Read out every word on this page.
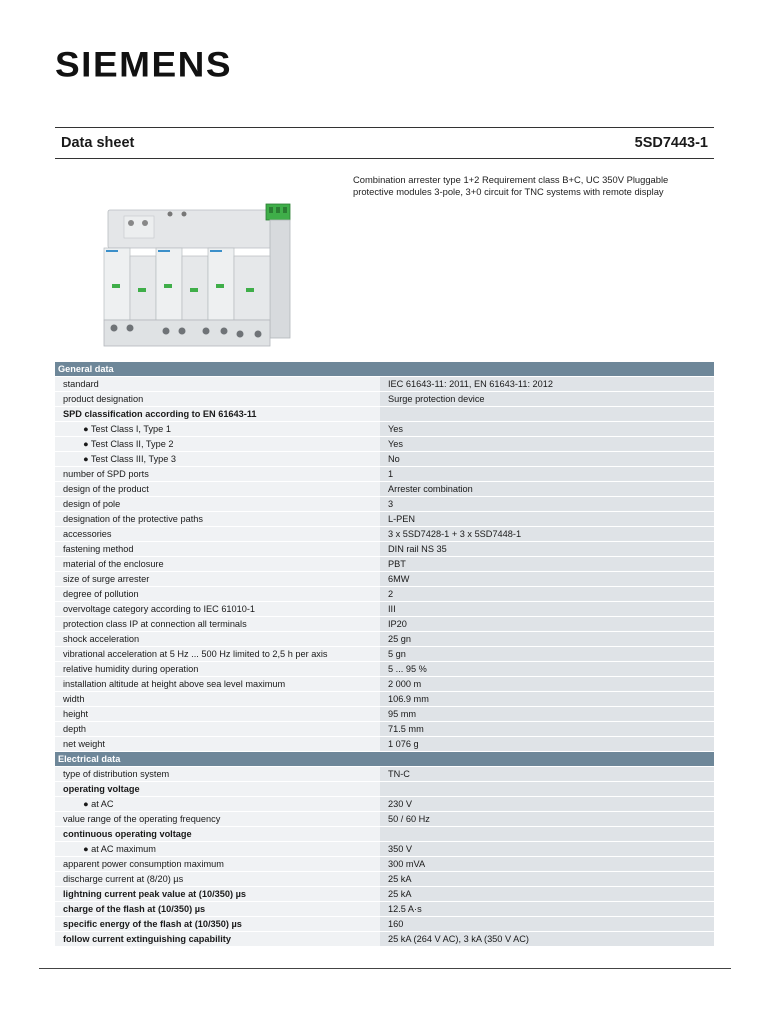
SIEMENS
Data sheet	5SD7443-1
Combination arrester type 1+2 Requirement class B+C, UC 350V Pluggable protective modules 3-pole, 3+0 circuit for TNC systems with remote display
General data	
standard		IEC 61643-11: 2011, EN 61643-11: 2012
product designation		Surge protection device
SPD classification according to EN 61643-11		
● Test Class I, Type 1		Yes
● Test Class II, Type 2		Yes
● Test Class III, Type 3		No
number of SPD ports		1
design of the product		Arrester combination
design of pole		3
designation of the protective paths		L-PEN
accessories		3 x 5SD7428-1 + 3 x 5SD7448-1
fastening method		DIN rail NS 35
material of the enclosure		PBT
size of surge arrester		6MW
degree of pollution		2
overvoltage category according to IEC 61010-1		III
protection class IP at connection all terminals		IP20
shock acceleration		25 gn
vibrational acceleration at 5 Hz ... 500 Hz limited to 2,5 h per axis		5 gn
relative humidity during operation		5 ... 95 %
installation altitude at height above sea level maximum		2 000 m
width		106.9 mm
height		95 mm
depth		71.5 mm
net weight		1 076 g
Electrical data	
type of distribution system		TN-C
operating voltage		
● at AC		230 V
value range of the operating frequency		50 / 60 Hz
continuous operating voltage		
● at AC maximum		350 V
apparent power consumption maximum		300 mVA
discharge current at (8/20) µs		25 kA
lightning current peak value at (10/350) µs		25 kA
charge of the flash at (10/350) µs		12.5 A·s
specific energy of the flash at (10/350) µs		160
follow current extinguishing capability		25 kA (264 V AC), 3 kA (350 V AC)
